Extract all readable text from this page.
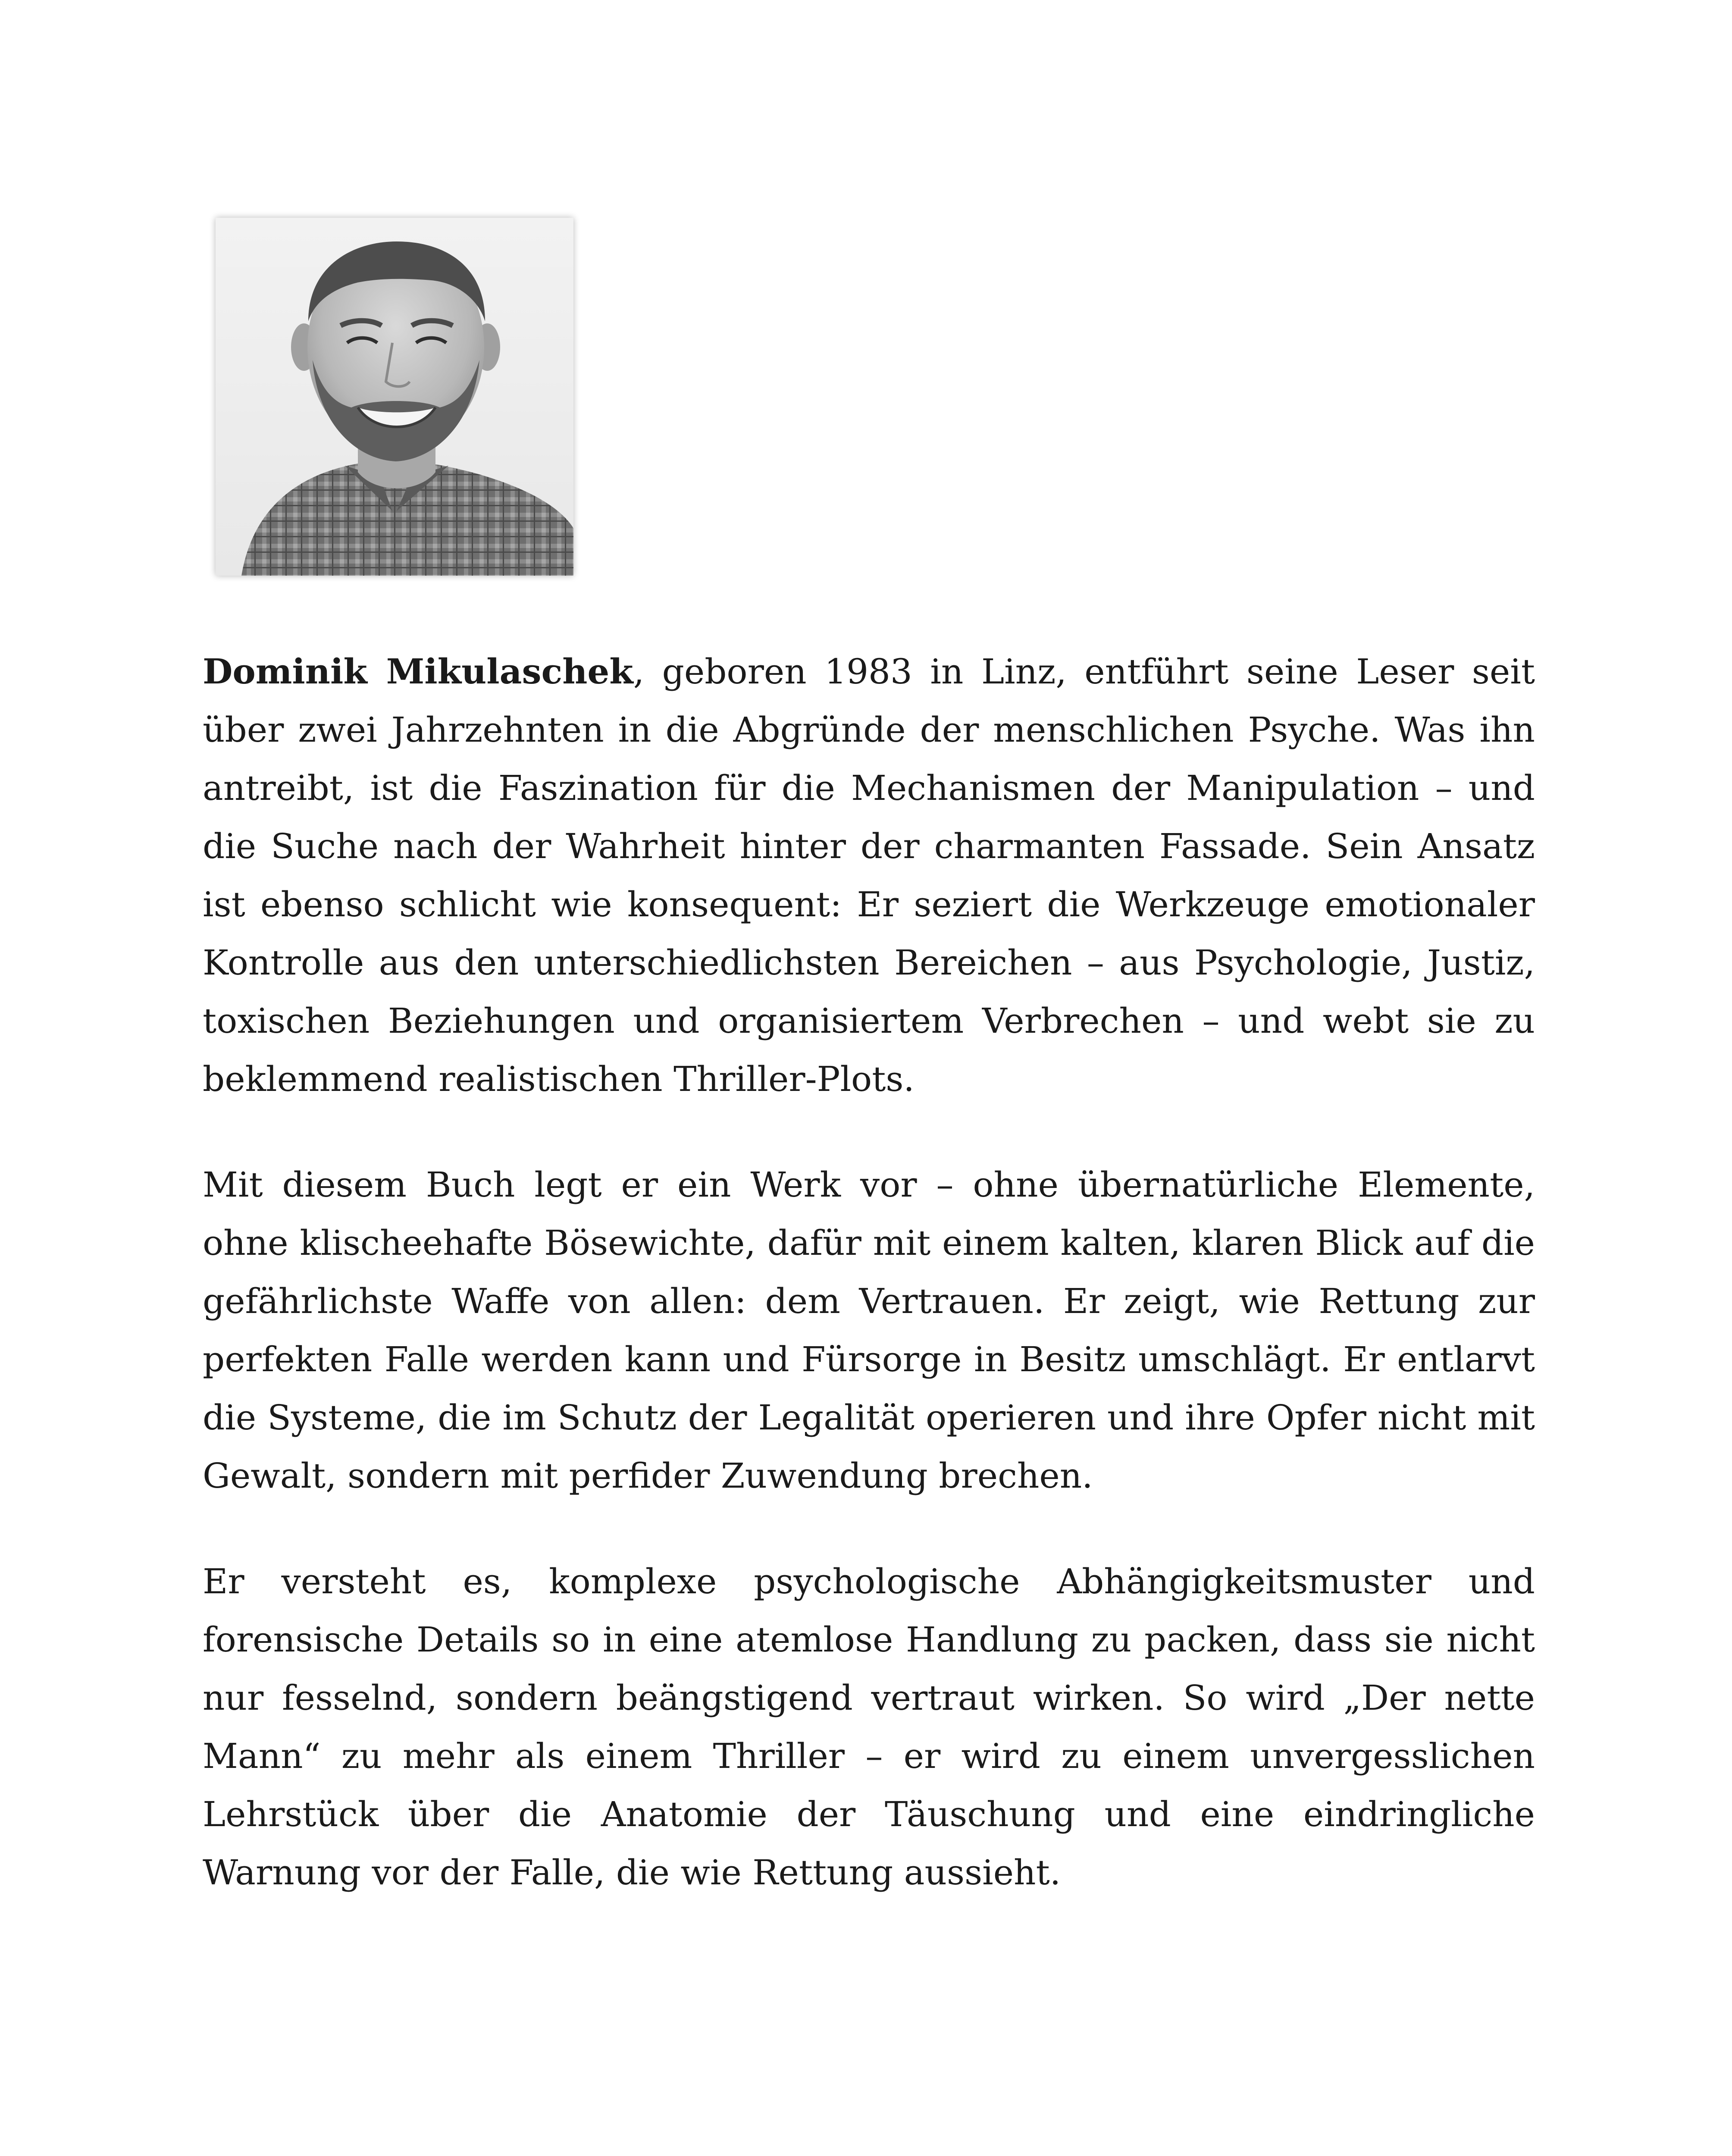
Dominik Mikulaschek, geboren 1983 in Linz, entführt seine Leser seit über zwei Jahrzehnten in die Abgründe der menschlichen Psyche. Was ihn antreibt, ist die Faszination für die Mechanismen der Manipulation – und die Suche nach der Wahrheit hinter der charmanten Fassade. Sein Ansatz ist ebenso schlicht wie konsequent: Er seziert die Werkzeuge emotionaler Kontrolle aus den unterschiedlichsten Bereichen – aus Psychologie, Justiz, toxischen Beziehungen und organisiertem Verbrechen – und webt sie zu beklemmend realistischen Thriller-Plots.

Mit diesem Buch legt er ein Werk vor – ohne übernatürliche Elemente, ohne klischeehafte Bösewichte, dafür mit einem kalten, klaren Blick auf die gefährlichste Waffe von allen: dem Vertrauen. Er zeigt, wie Rettung zur perfekten Falle werden kann und Fürsorge in Besitz umschlägt. Er entlarvt die Systeme, die im Schutz der Legalität operieren und ihre Opfer nicht mit Gewalt, sondern mit perfider Zuwendung brechen.

Er versteht es, komplexe psychologische Abhängigkeitsmuster und forensische Details so in eine atemlose Handlung zu packen, dass sie nicht nur fesselnd, sondern beängstigend vertraut wirken. So wird „Der nette Mann“ zu mehr als einem Thriller – er wird zu einem unvergesslichen Lehrstück über die Anatomie der Täuschung und eine eindringliche Warnung vor der Falle, die wie Rettung aussieht.
